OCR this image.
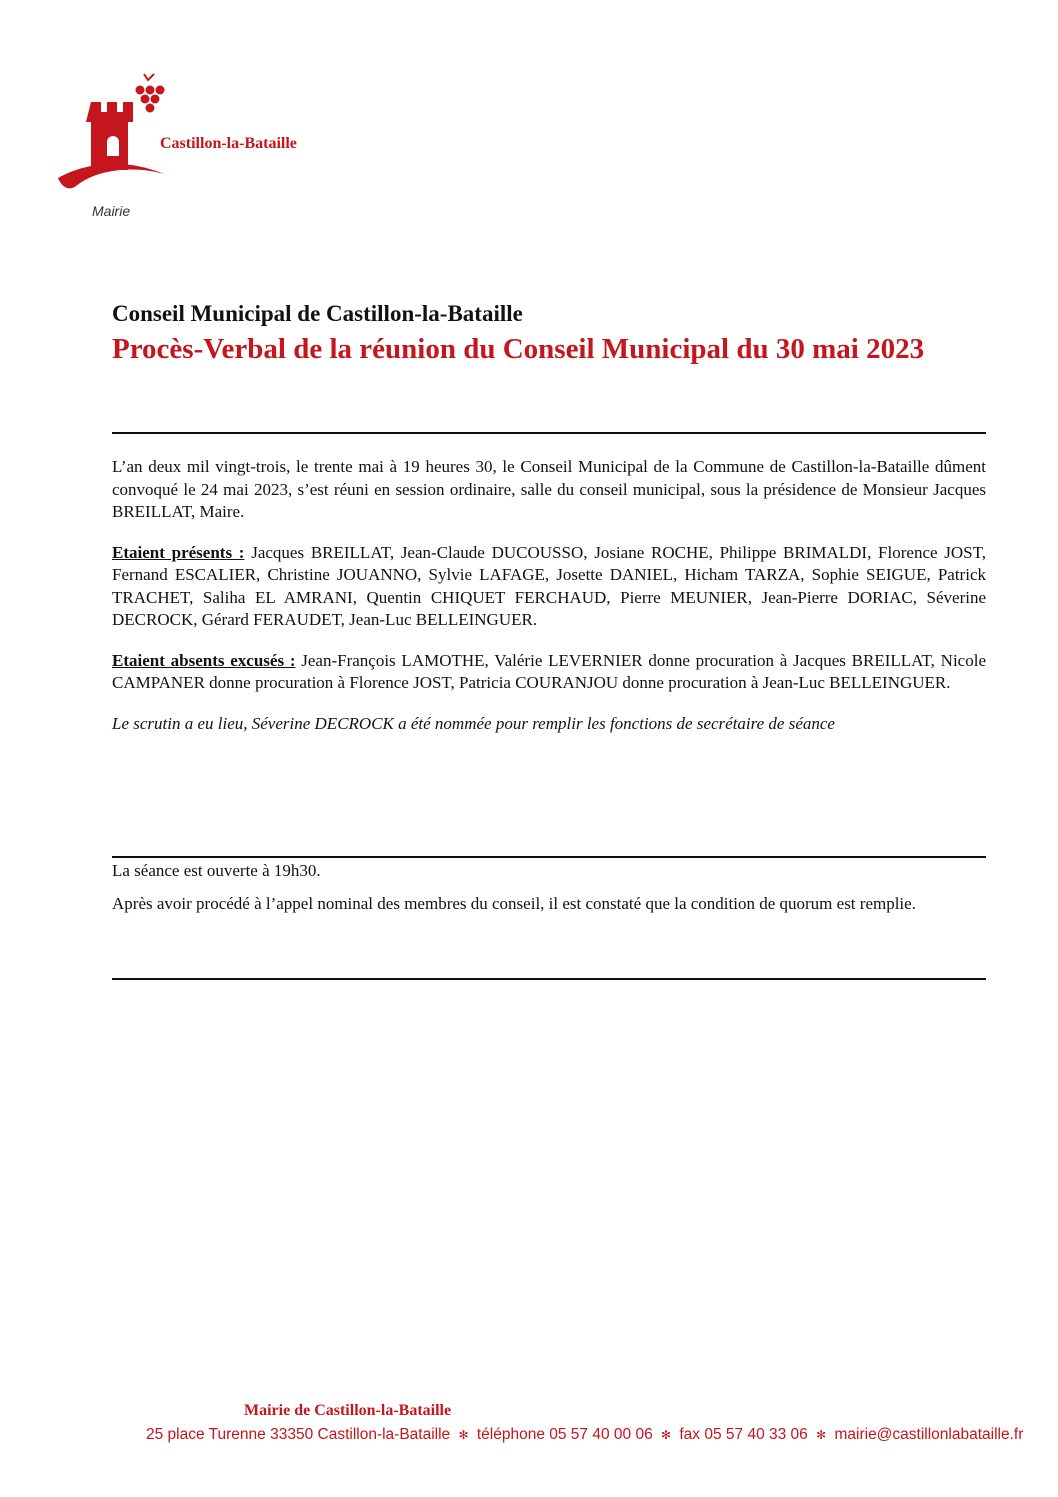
Castillon-la-Bataille
Mairie
Conseil Municipal de Castillon-la-Bataille
Procès-Verbal de la réunion du Conseil Municipal du 30 mai 2023

L’an deux mil vingt-trois, le trente mai à 19 heures 30, le Conseil Municipal de la Commune de Castillon-la-Bataille dûment convoqué le 24 mai 2023, s’est réuni en session ordinaire, salle du conseil municipal, sous la présidence de Monsieur Jacques BREILLAT, Maire.

Etaient présents : Jacques BREILLAT, Jean-Claude DUCOUSSO, Josiane ROCHE, Philippe BRIMALDI, Florence JOST, Fernand ESCALIER, Christine JOUANNO, Sylvie LAFAGE, Josette DANIEL, Hicham TARZA, Sophie SEIGUE, Patrick TRACHET, Saliha EL AMRANI, Quentin CHIQUET FERCHAUD, Pierre MEUNIER, Jean-Pierre DORIAC, Séverine DECROCK, Gérard FERAUDET, Jean-Luc BELLEINGUER.

Etaient absents excusés : Jean-François LAMOTHE, Valérie LEVERNIER donne procuration à Jacques BREILLAT, Nicole CAMPANER donne procuration à Florence JOST, Patricia COURANJOU donne procuration à Jean-Luc BELLEINGUER.

Le scrutin a eu lieu, Séverine DECROCK a été nommée pour remplir les fonctions de secrétaire de séance

La séance est ouverte à 19h30.

Après avoir procédé à l’appel nominal des membres du conseil, il est constaté que la condition de quorum est remplie.

Mairie de Castillon-la-Bataille
25 place Turenne 33350 Castillon-la-Bataille ✻ téléphone 05 57 40 00 06 ✻ fax 05 57 40 33 06 ✻ mairie@castillonlabataille.fr
